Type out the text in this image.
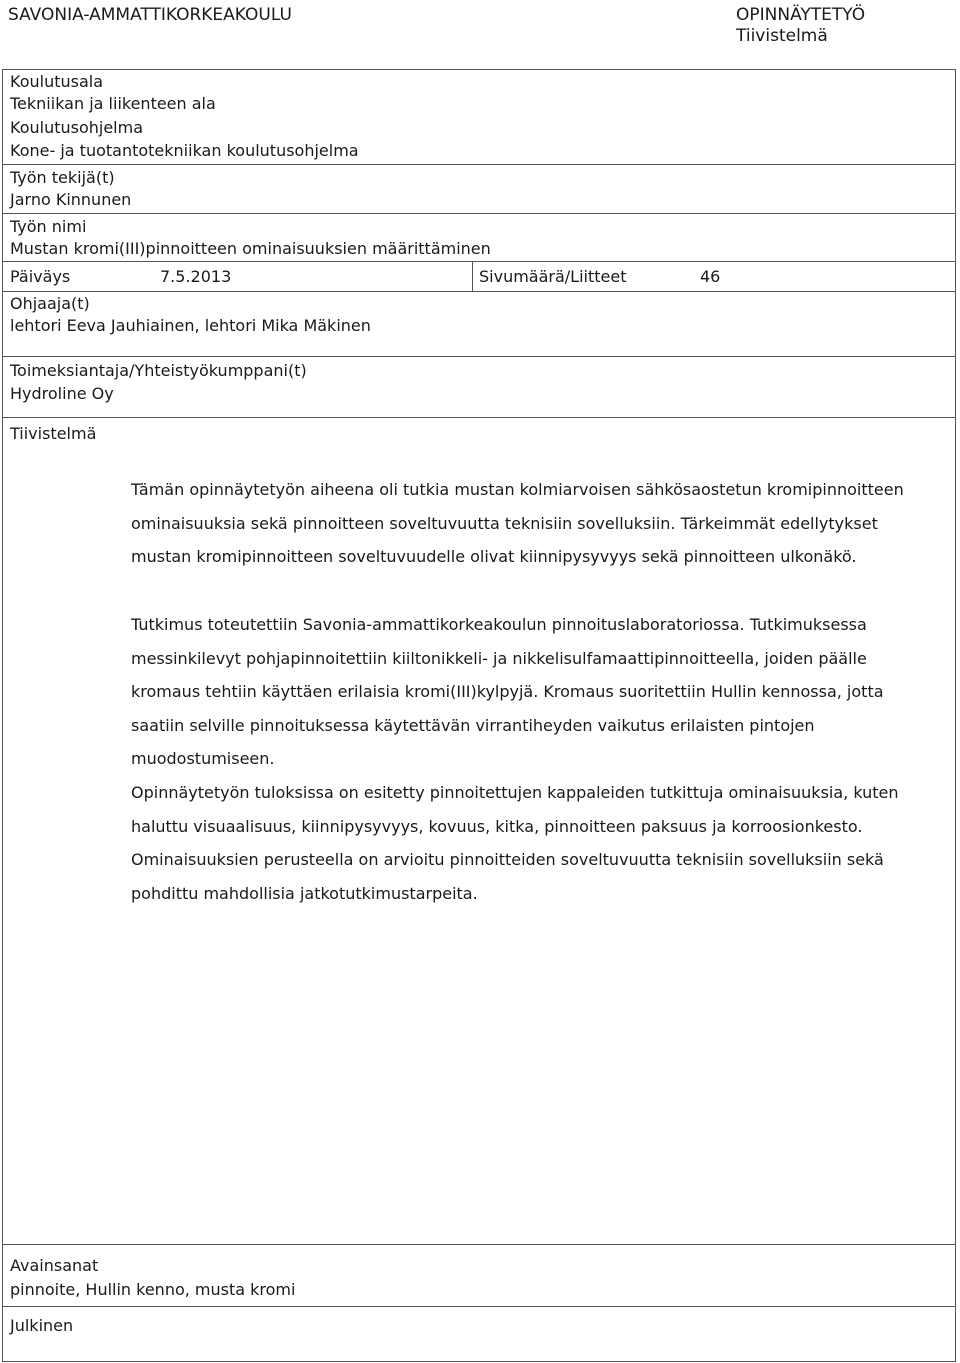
SAVONIA-AMMATTIKORKEAKOULU	OPINNÄYTETYÖ
Tiivistelmä
Koulutusala
Tekniikan ja liikenteen ala
Koulutusohjelma
Kone- ja tuotantotekniikan koulutusohjelma
Työn tekijä(t)
Jarno Kinnunen
Työn nimi
Mustan kromi(III)pinnoitteen ominaisuuksien määrittäminen
Päiväys	7.5.2013	Sivumäärä/Liitteet	46
Ohjaaja(t)
lehtori Eeva Jauhiainen, lehtori Mika Mäkinen
Toimeksiantaja/Yhteistyökumppani(t)
Hydroline Oy
Tiivistelmä

Tämän opinnäytetyön aiheena oli tutkia mustan kolmiarvoisen sähkösaostetun kromipinnoitteen ominaisuuksia sekä pinnoitteen soveltuvuutta teknisiin sovelluksiin. Tärkeimmät edellytykset mustan kromipinnoitteen soveltuvuudelle olivat kiinnipysyvyys sekä pinnoitteen ulkonäkö.

Tutkimus toteutettiin Savonia-ammattikorkeakoulun pinnoituslaboratoriossa. Tutkimuksessa messinkilevyt pohjapinnoitettiin kiiltonikkeli- ja nikkelisulfamaattipinnoitteella, joiden päälle kromaus tehtiin käyttäen erilaisia kromi(III)kylpyjä. Kromaus suoritettiin Hullin kennossa, jotta saatiin selville pinnoituksessa käytettävän virrantiheyden vaikutus erilaisten pintojen muodostumiseen.

Opinnäytetyön tuloksissa on esitetty pinnoitettujen kappaleiden tutkittuja ominaisuuksia, kuten haluttu visuaalisuus, kiinnipysyvyys, kovuus, kitka, pinnoitteen paksuus ja korroosionkesto. Ominaisuuksien perusteella on arvioitu pinnoitteiden soveltuvuutta teknisiin sovelluksiin sekä pohdittu mahdollisia jatkotutkimustarpeita.

Avainsanat
pinnoite, Hullin kenno, musta kromi
Julkinen
